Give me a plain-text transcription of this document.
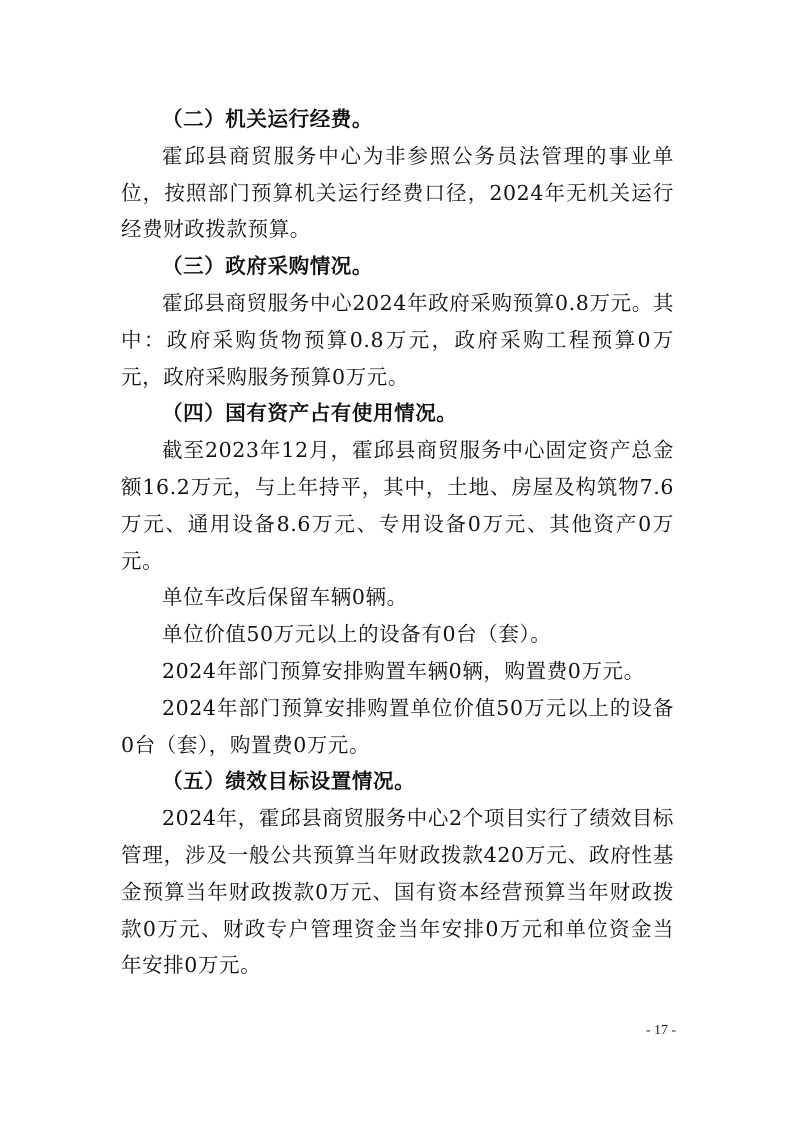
（二）机关运行经费。

霍邱县商贸服务中心为非参照公务员法管理的事业单位，按照部门预算机关运行经费口径，2024年无机关运行经费财政拨款预算。

（三）政府采购情况。

霍邱县商贸服务中心2024年政府采购预算0.8万元。其中：政府采购货物预算0.8万元，政府采购工程预算0万元，政府采购服务预算0万元。

（四）国有资产占有使用情况。

截至2023年12月，霍邱县商贸服务中心固定资产总金额16.2万元，与上年持平，其中，土地、房屋及构筑物7.6万元、通用设备8.6万元、专用设备0万元、其他资产0万元。

单位车改后保留车辆0辆。

单位价值50万元以上的设备有0台（套）。

2024年部门预算安排购置车辆0辆，购置费0万元。

2024年部门预算安排购置单位价值50万元以上的设备0台（套），购置费0万元。

（五）绩效目标设置情况。

2024年，霍邱县商贸服务中心2个项目实行了绩效目标管理，涉及一般公共预算当年财政拨款420万元、政府性基金预算当年财政拨款0万元、国有资本经营预算当年财政拨款0万元、财政专户管理资金当年安排0万元和单位资金当年安排0万元。

- 17 -
